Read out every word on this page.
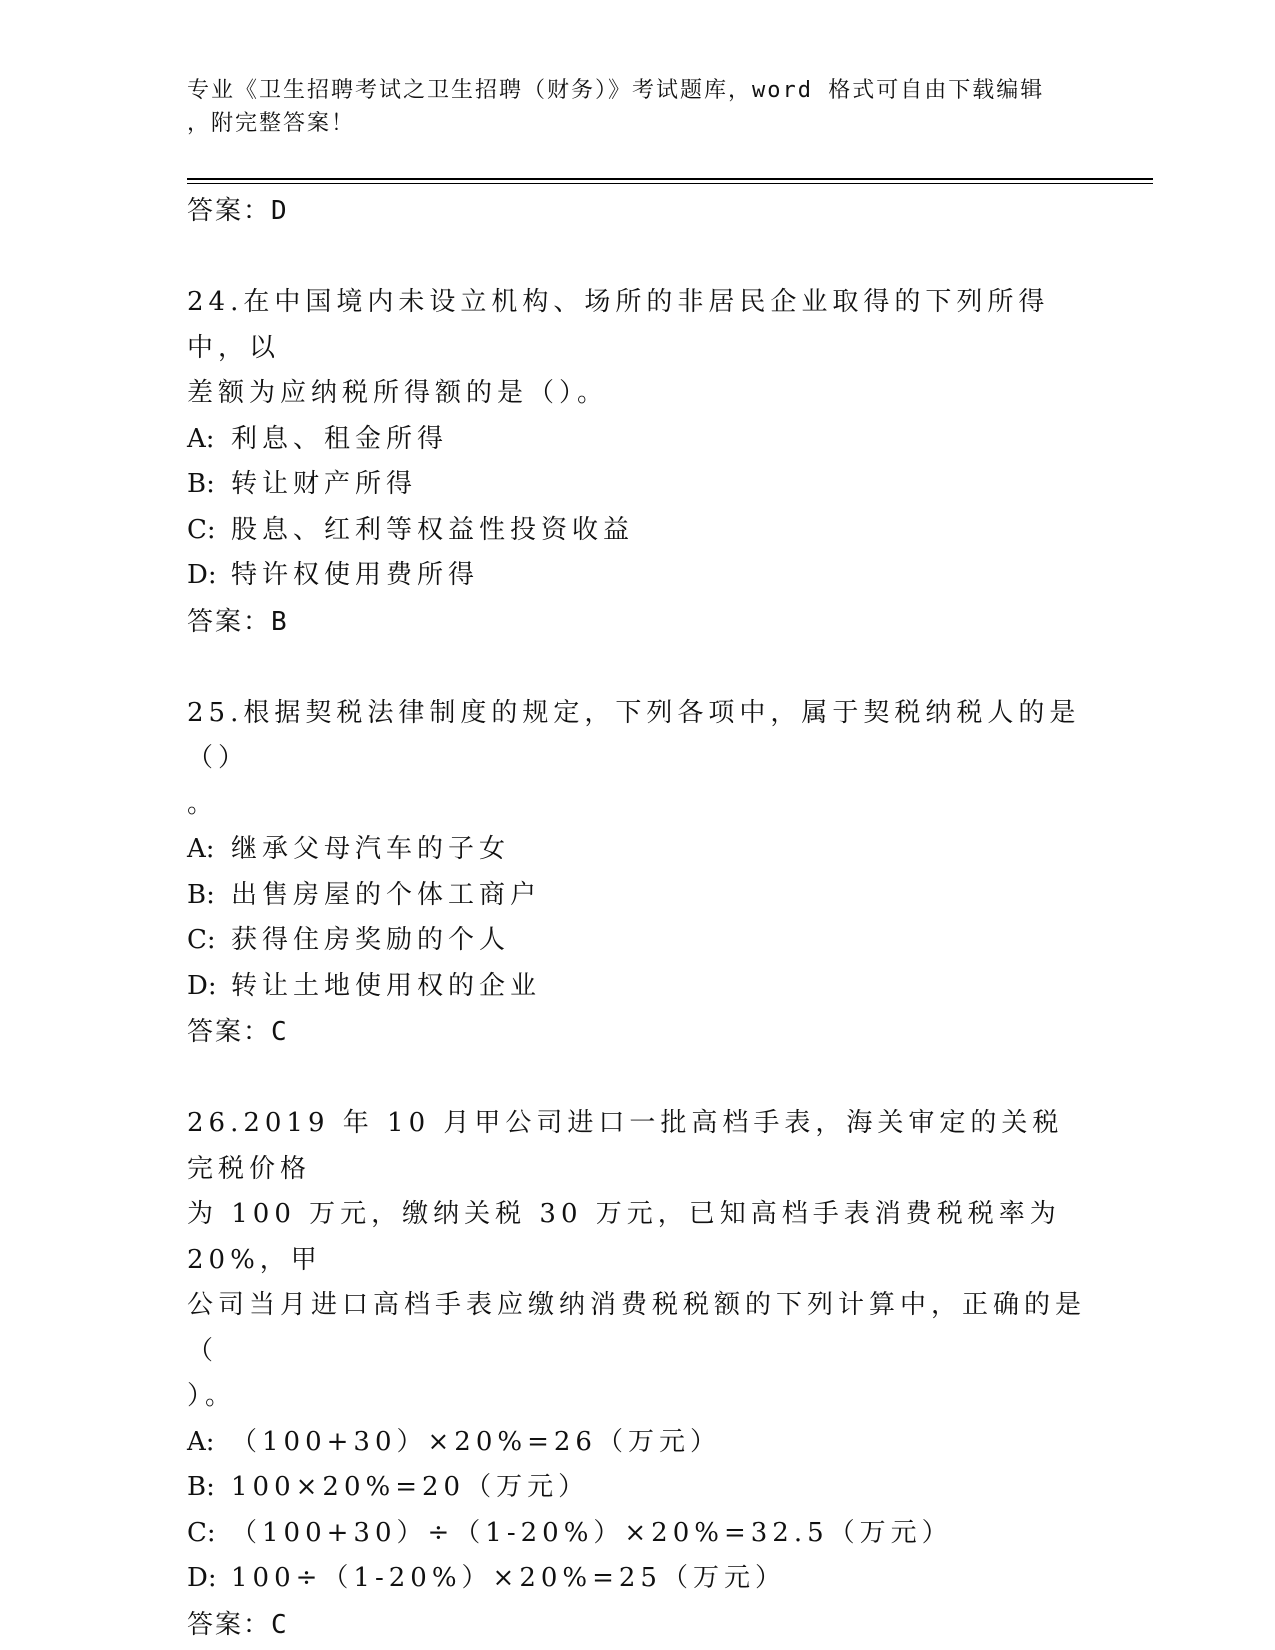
专业《卫生招聘考试之卫生招聘（财务）》考试题库，word 格式可自由下载编辑
，附完整答案！
答案：D
24.在中国境内未设立机构、场所的非居民企业取得的下列所得中，以
差额为应纳税所得额的是（）。
A: 利息、租金所得
B: 转让财产所得
C: 股息、红利等权益性投资收益
D: 特许权使用费所得
答案：B
25.根据契税法律制度的规定，下列各项中，属于契税纳税人的是（）
。
A: 继承父母汽车的子女
B: 出售房屋的个体工商户
C: 获得住房奖励的个人
D: 转让土地使用权的企业
答案：C
26.2019 年 10 月甲公司进口一批高档手表，海关审定的关税完税价格
为 100 万元，缴纳关税 30 万元，已知高档手表消费税税率为 20%，甲
公司当月进口高档手表应缴纳消费税税额的下列计算中，正确的是（
）。
A: （100+30）×20%=26（万元）
B: 100×20%=20（万元）
C: （100+30）÷（1-20%）×20%=32.5（万元）
D: 100÷（1-20%）×20%=25（万元）
答案：C
